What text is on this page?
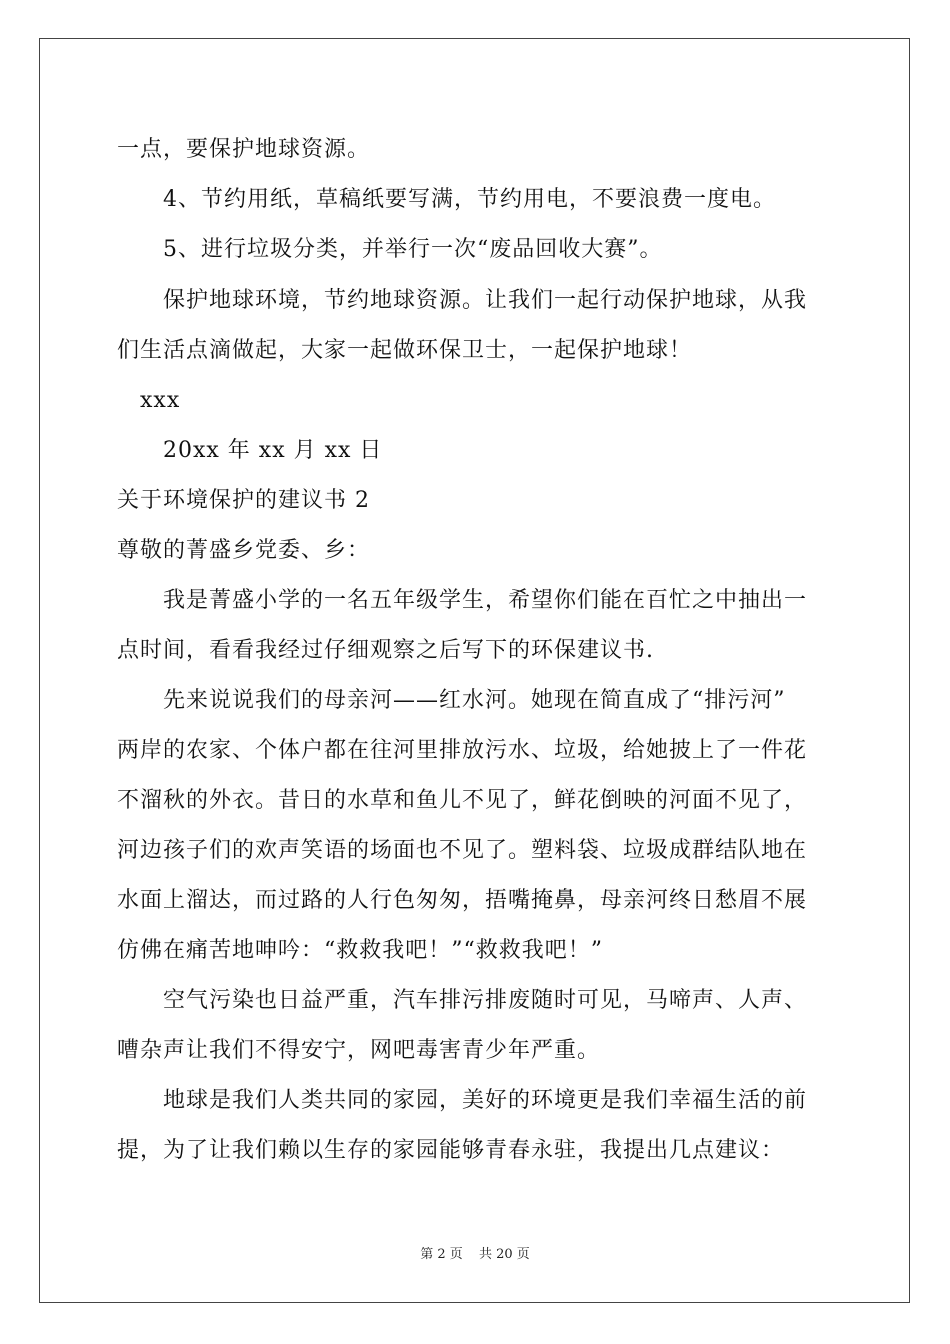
一点，要保护地球资源。
4、节约用纸，草稿纸要写满，节约用电，不要浪费一度电。
5、进行垃圾分类，并举行一次“废品回收大赛”。
保护地球环境，节约地球资源。让我们一起行动保护地球，从我
们生活点滴做起，大家一起做环保卫士，一起保护地球！
xxx
20xx 年 xx 月 xx 日
关于环境保护的建议书 2
尊敬的菁盛乡党委、乡：
我是菁盛小学的一名五年级学生，希望你们能在百忙之中抽出一
点时间，看看我经过仔细观察之后写下的环保建议书.
先来说说我们的母亲河——红水河。她现在简直成了“排污河”
两岸的农家、个体户都在往河里排放污水、垃圾，给她披上了一件花
不溜秋的外衣。昔日的水草和鱼儿不见了，鲜花倒映的河面不见了，
河边孩子们的欢声笑语的场面也不见了。塑料袋、垃圾成群结队地在
水面上溜达，而过路的人行色匆匆，捂嘴掩鼻，母亲河终日愁眉不展
仿佛在痛苦地呻吟：“救救我吧！”“救救我吧！”
空气污染也日益严重，汽车排污排废随时可见，马啼声、人声、
嘈杂声让我们不得安宁，网吧毒害青少年严重。
地球是我们人类共同的家园，美好的环境更是我们幸福生活的前
提，为了让我们赖以生存的家园能够青春永驻，我提出几点建议：
第 2 页 共 20 页
